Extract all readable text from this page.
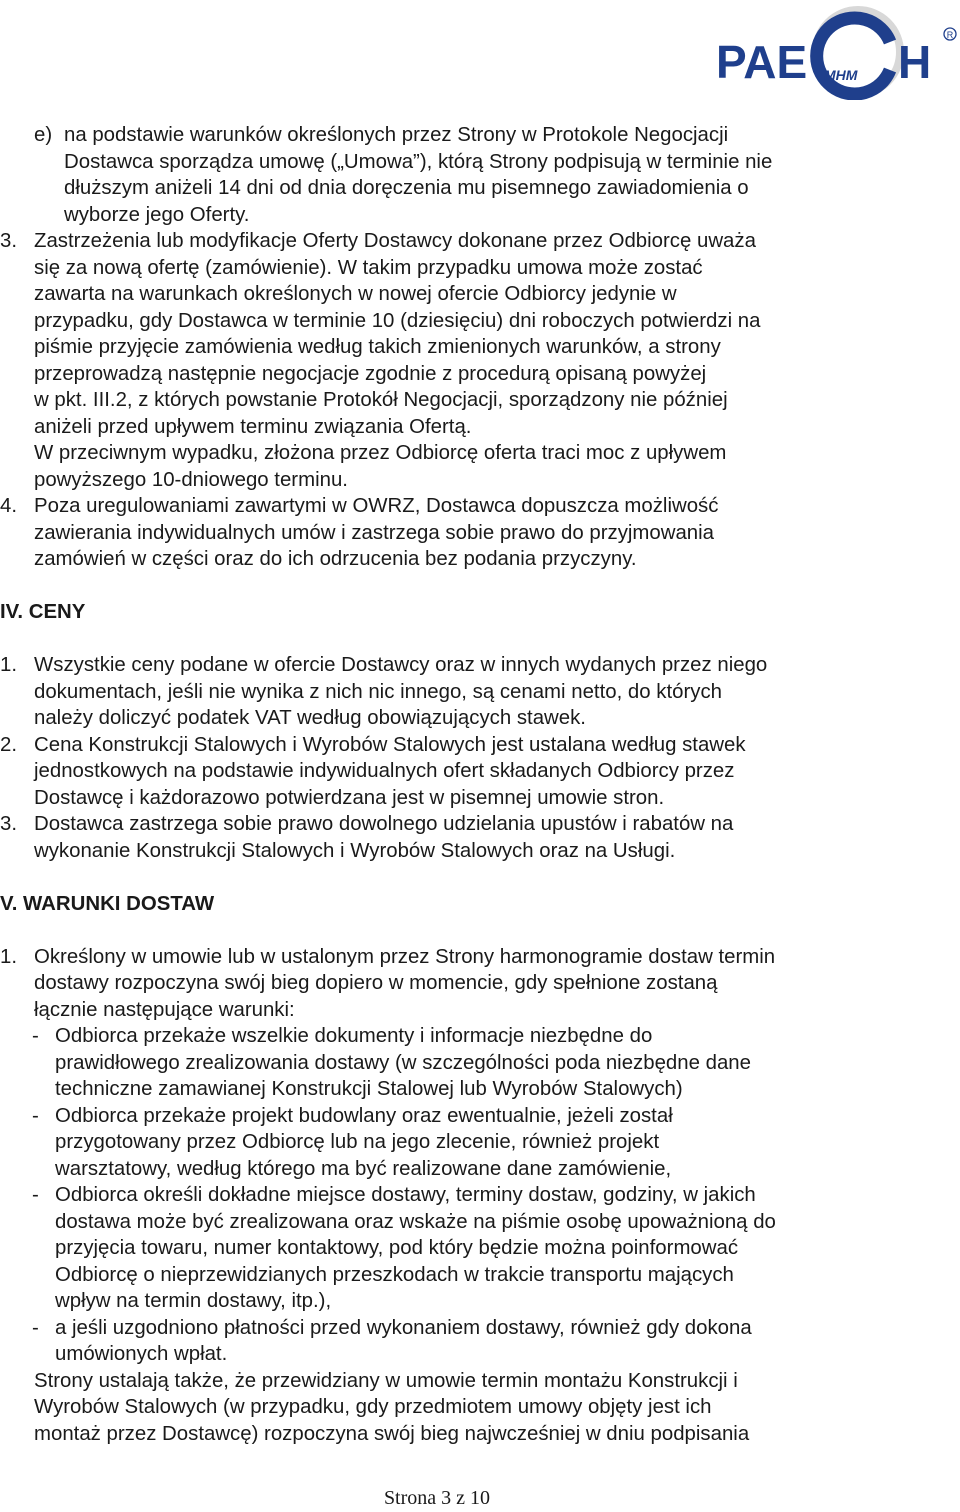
PAE MHM H
R
e) na podstawie warunków określonych przez Strony w Protokole Negocjacji
Dostawca sporządza umowę („Umowa”), którą Strony podpisują w terminie nie
dłuższym aniżeli 14 dni od dnia doręczenia mu pisemnego zawiadomienia o
wyborze jego Oferty.
3. Zastrzeżenia lub modyfikacje Oferty Dostawcy dokonane przez Odbiorcę uważa
się za nową ofertę (zamówienie). W takim przypadku umowa może zostać
zawarta na warunkach określonych w nowej ofercie Odbiorcy jedynie w
przypadku, gdy Dostawca w terminie 10 (dziesięciu) dni roboczych potwierdzi na
piśmie przyjęcie zamówienia według takich zmienionych warunków, a strony
przeprowadzą następnie negocjacje zgodnie z procedurą opisaną powyżej
w pkt. III.2, z których powstanie Protokół Negocjacji, sporządzony nie później
aniżeli przed upływem terminu związania Ofertą.
W przeciwnym wypadku, złożona przez Odbiorcę oferta traci moc z upływem
powyższego 10-dniowego terminu.
4. Poza uregulowaniami zawartymi w OWRZ, Dostawca dopuszcza możliwość
zawierania indywidualnych umów i zastrzega sobie prawo do przyjmowania
zamówień w części oraz do ich odrzucenia bez podania przyczyny.
IV. CENY
1. Wszystkie ceny podane w ofercie Dostawcy oraz w innych wydanych przez niego
dokumentach, jeśli nie wynika z nich nic innego, są cenami netto, do których
należy doliczyć podatek VAT według obowiązujących stawek.
2. Cena Konstrukcji Stalowych i Wyrobów Stalowych jest ustalana według stawek
jednostkowych na podstawie indywidualnych ofert składanych Odbiorcy przez
Dostawcę i każdorazowo potwierdzana jest w pisemnej umowie stron.
3. Dostawca zastrzega sobie prawo dowolnego udzielania upustów i rabatów na
wykonanie Konstrukcji Stalowych i Wyrobów Stalowych oraz na Usługi.
V. WARUNKI DOSTAW
1. Określony w umowie lub w ustalonym przez Strony harmonogramie dostaw termin
dostawy rozpoczyna swój bieg dopiero w momencie, gdy spełnione zostaną
łącznie następujące warunki:
- Odbiorca przekaże wszelkie dokumenty i informacje niezbędne do
prawidłowego zrealizowania dostawy (w szczególności poda niezbędne dane
techniczne zamawianej Konstrukcji Stalowej lub Wyrobów Stalowych)
- Odbiorca przekaże projekt budowlany oraz ewentualnie, jeżeli został
przygotowany przez Odbiorcę lub na jego zlecenie, również projekt
warsztatowy, według którego ma być realizowane dane zamówienie,
- Odbiorca określi dokładne miejsce dostawy, terminy dostaw, godziny, w jakich
dostawa może być zrealizowana oraz wskaże na piśmie osobę upoważnioną do
przyjęcia towaru, numer kontaktowy, pod który będzie można poinformować
Odbiorcę o nieprzewidzianych przeszkodach w trakcie transportu mających
wpływ na termin dostawy, itp.),
- a jeśli uzgodniono płatności przed wykonaniem dostawy, również gdy dokona
umówionych wpłat.
Strony ustalają także, że przewidziany w umowie termin montażu Konstrukcji i
Wyrobów Stalowych (w przypadku, gdy przedmiotem umowy objęty jest ich
montaż przez Dostawcę) rozpoczyna swój bieg najwcześniej w dniu podpisania
Strona 3 z 10
